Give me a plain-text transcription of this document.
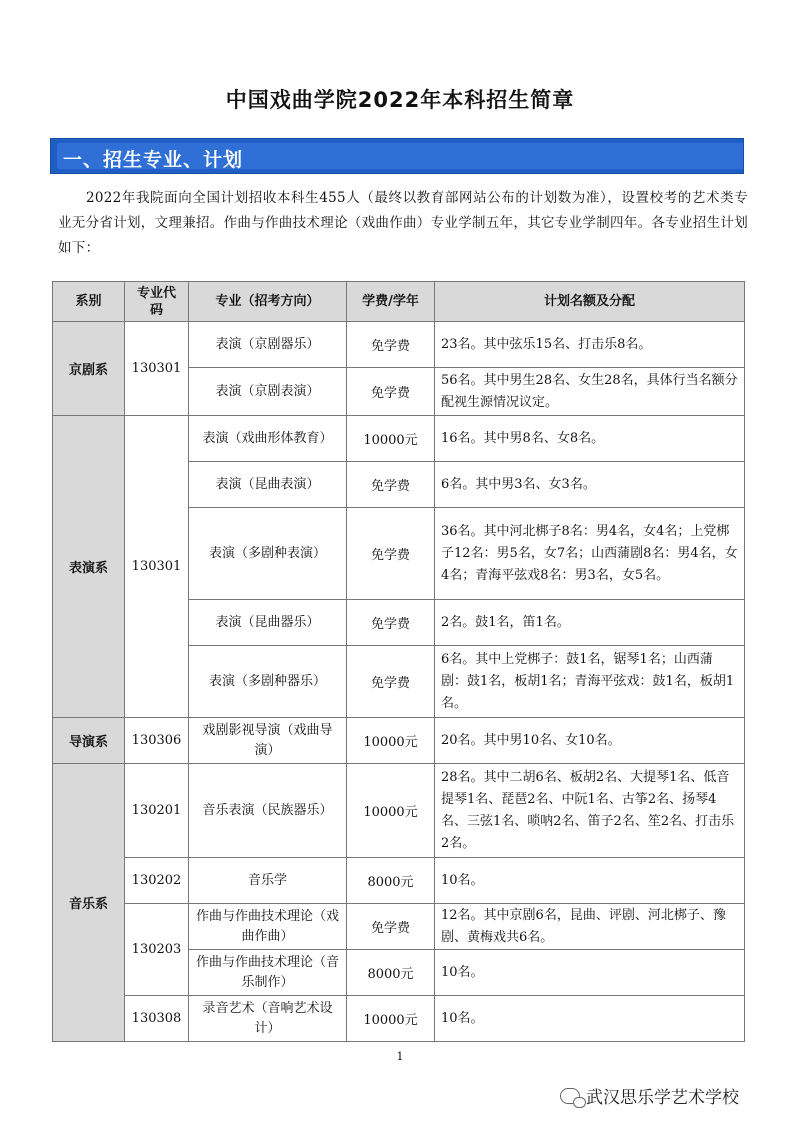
中国戏曲学院2022年本科招生简章
一、招生专业、计划
2022年我院面向全国计划招收本科生455人（最终以教育部网站公布的计划数为准），设置校考的艺术类专业无分省计划，文理兼招。作曲与作曲技术理论（戏曲作曲）专业学制五年，其它专业学制四年。各专业招生计划如下：
系别	专业代码	专业（招考方向）	学费/学年	计划名额及分配
京剧系	130301	表演（京剧器乐）	免学费	23名。其中弦乐15名、打击乐8名。
		表演（京剧表演）	免学费	56名。其中男生28名、女生28名，具体行当名额分配视生源情况议定。
表演系	130301	表演（戏曲形体教育）	10000元	16名。其中男8名、女8名。
		表演（昆曲表演）	免学费	6名。其中男3名、女3名。
		表演（多剧种表演）	免学费	36名。其中河北梆子8名：男4名，女4名；上党梆子12名：男5名，女7名；山西蒲剧8名：男4名，女4名；青海平弦戏8名：男3名，女5名。
		表演（昆曲器乐）	免学费	2名。鼓1名，笛1名。
		表演（多剧种器乐）	免学费	6名。其中上党梆子：鼓1名，锯琴1名；山西蒲剧：鼓1名，板胡1名；青海平弦戏：鼓1名，板胡1名。
导演系	130306	戏剧影视导演（戏曲导演）	10000元	20名。其中男10名、女10名。
音乐系	130201	音乐表演（民族器乐）	10000元	28名。其中二胡6名、板胡2名、大提琴1名、低音提琴1名、琵琶2名、中阮1名、古筝2名、扬琴4名、三弦1名、唢呐2名、笛子2名、笙2名、打击乐2名。
	130202	音乐学	8000元	10名。
	130203	作曲与作曲技术理论（戏曲作曲）	免学费	12名。其中京剧6名，昆曲、评剧、河北梆子、豫剧、黄梅戏共6名。
		作曲与作曲技术理论（音乐制作）	8000元	10名。
	130308	录音艺术（音响艺术设计）	10000元	10名。
1
武汉思乐学艺术学校
